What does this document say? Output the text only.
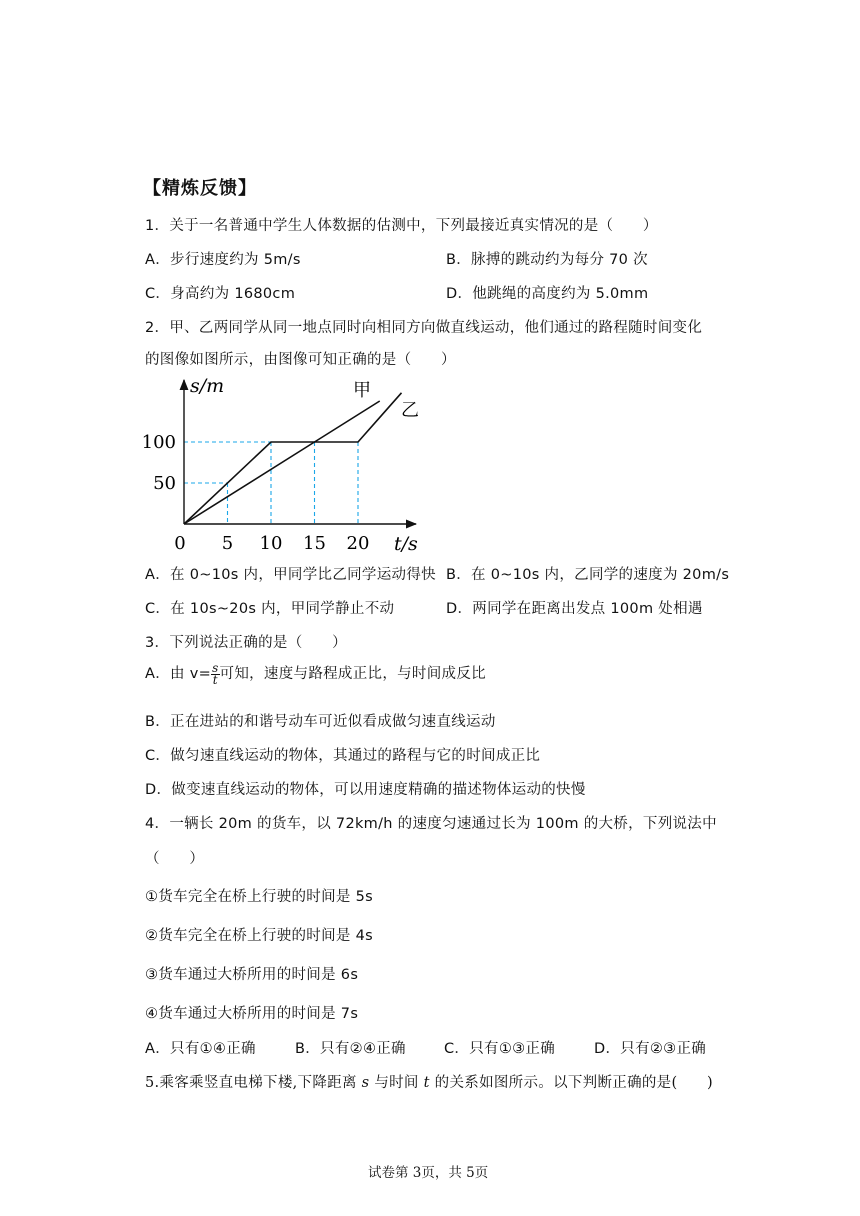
【精炼反馈】
1．关于一名普通中学生人体数据的估测中，下列最接近真实情况的是（　　）
A．步行速度约为 5m/s	B．脉搏的跳动约为每分 70 次
C．身高约为 1680cm	D．他跳绳的高度约为 5.0mm
2．甲、乙两同学从同一地点同时向相同方向做直线运动，他们通过的路程随时间变化
的图像如图所示，由图像可知正确的是（　　）
0 5 10 15 20
50
100
s/m
t/s
甲
乙
A．在 0~10s 内，甲同学比乙同学运动得快 B．在 0~10s 内，乙同学的速度为 20m/s
C．在 10s~20s 内，甲同学静止不动	D．两同学在距离出发点 100m 处相遇
3．下列说法正确的是（　　）
A．由 $v= \frac{s}{t}$ 可知，速度与路程成正比，与时间成反比
B．正在进站的和谐号动车可近似看成做匀速直线运动
C．做匀速直线运动的物体，其通过的路程与它的时间成正比
D．做变速直线运动的物体，可以用速度精确的描述物体运动的快慢
4．一辆长 20m 的货车，以 72km/h 的速度匀速通过长为 100m 的大桥，下列说法中
（　　）
①货车完全在桥上行驶的时间是 5s
②货车完全在桥上行驶的时间是 4s
③货车通过大桥所用的时间是 6s
④货车通过大桥所用的时间是 7s
A．只有①④正确	B．只有②④正确	C．只有①③正确	D．只有②③正确
5.乘客乘竖直电梯下楼,下降距离 s 与时间 t 的关系如图所示。以下判断正确的是(　　)
试卷第 3页，共 5页
